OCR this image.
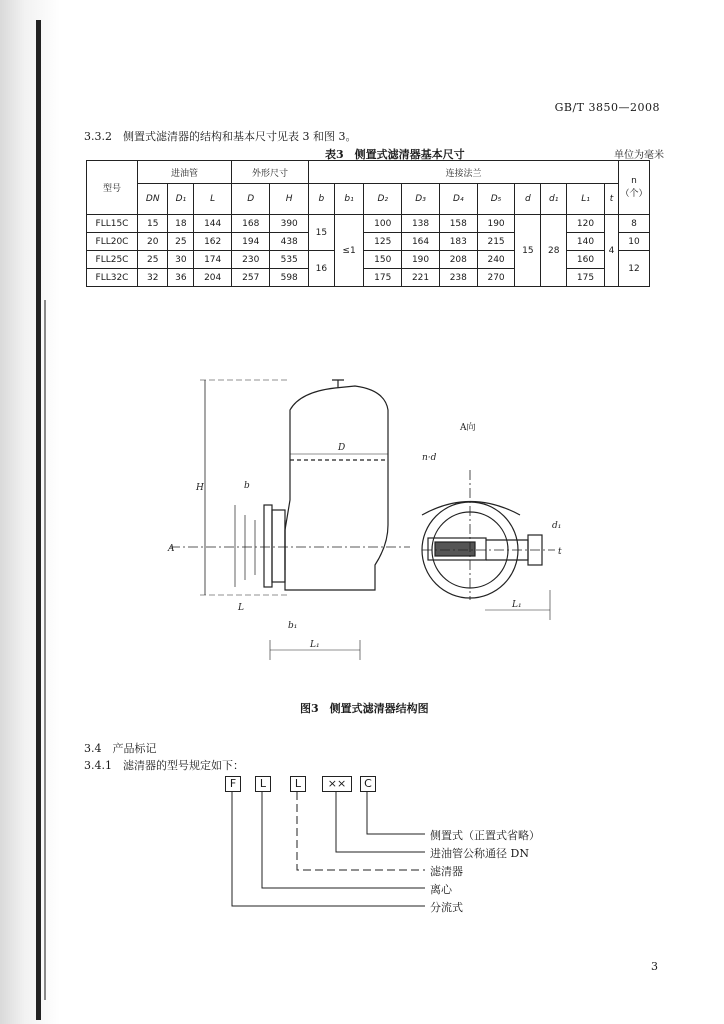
GB/T 3850—2008
3.3.2　侧置式滤清器的结构和基本尺寸见表 3 和图 3。
表3　侧置式滤清器基本尺寸	单位为毫米
型号	进油管			外形尺寸		连接法兰										n
（个）
	DN	D₁	L	D	H	b	b₁	D₂	D₃	D₄	D₅	d	d₁	L₁	t	
FLL15C	15	18	144	168	390	15	≤1	100	138	158	190	15	28	120	4	8
FLL20C	20	25	162	194	438			125	164	183	215			140		10
FLL25C	25	30	174	230	535	16		150	190	208	240			160		12
FLL32C	32	36	204	257	598			175	221	238	270			175		
A
A向
n·d
H
D
b
b₁
L
L₁
L₁
t
d₁
图3　侧置式滤清器结构图
3.4　产品标记
3.4.1　滤清器的型号规定如下：
F	L	L	××	C
侧置式（正置式省略）
进油管公称通径 DN
滤清器
离心
分流式
3
